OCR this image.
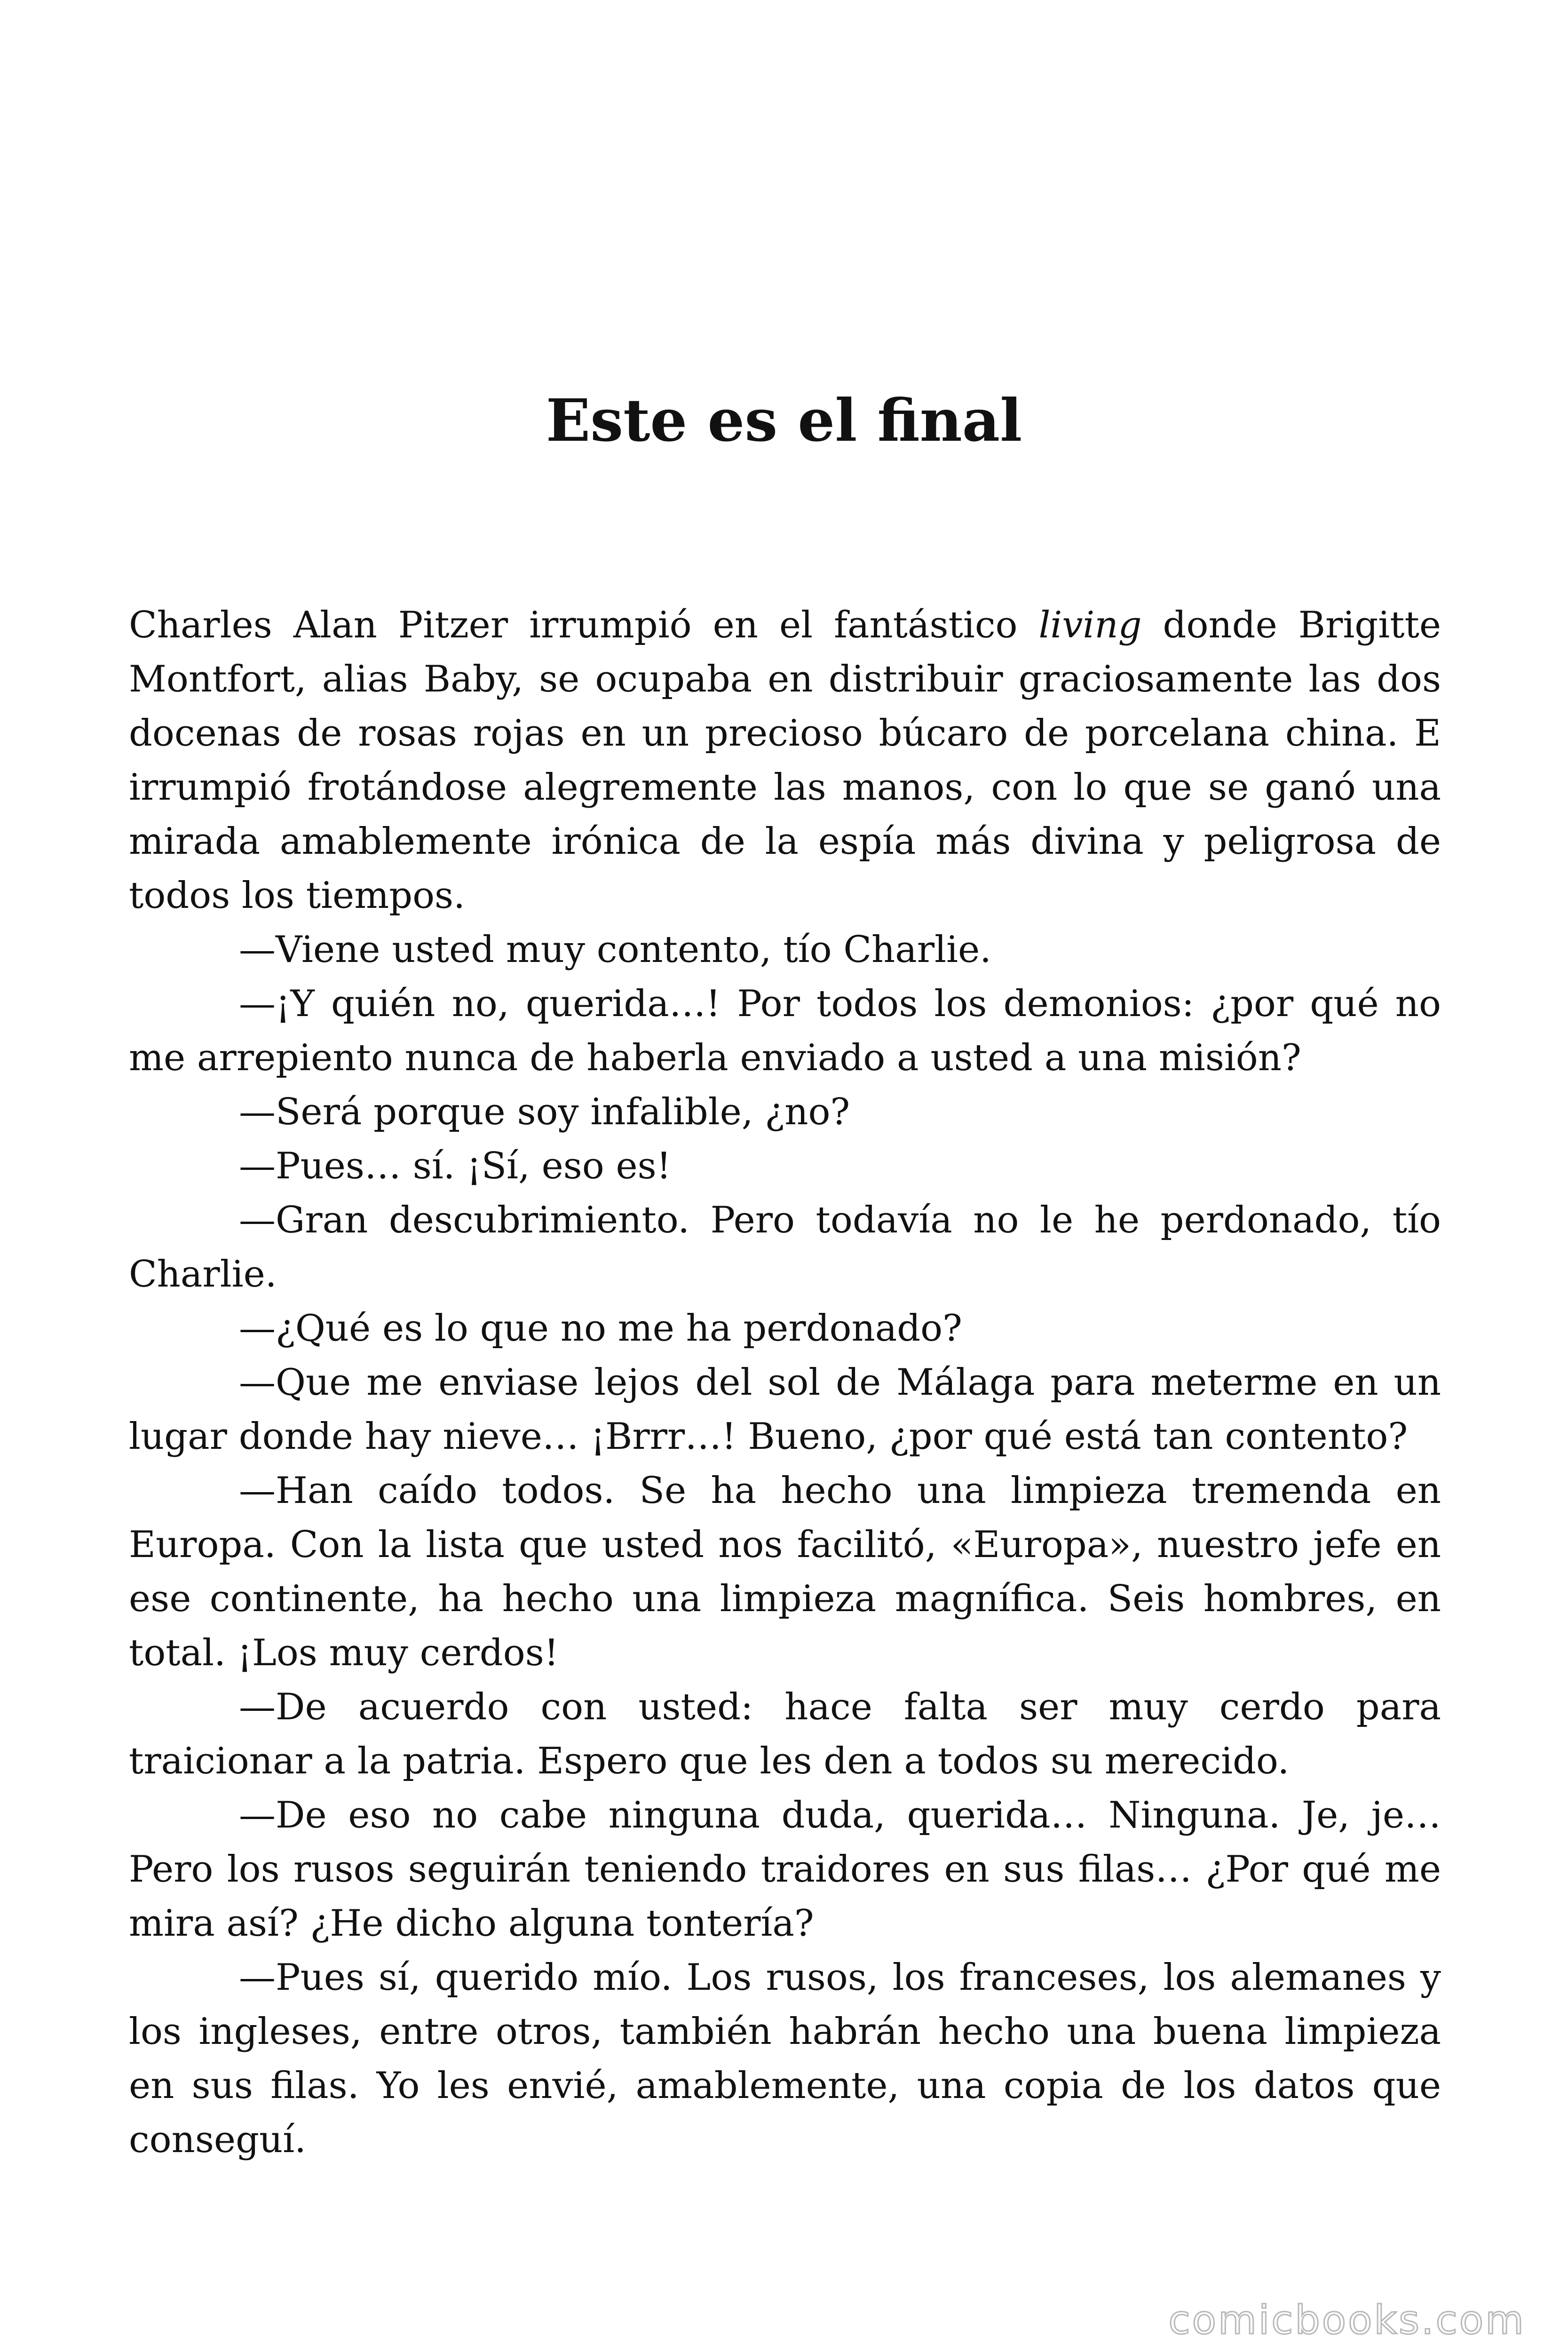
Este es el final

Charles Alan Pitzer irrumpió en el fantástico living donde Brigitte Montfort, alias Baby, se ocupaba en distribuir graciosamente las dos docenas de rosas rojas en un precioso búcaro de porcelana china. E irrumpió frotándose alegremente las manos, con lo que se ganó una mirada amablemente irónica de la espía más divina y peligrosa de todos los tiempos.

—Viene usted muy contento, tío Charlie.

—¡Y quién no, querida…! Por todos los demonios: ¿por qué no me arrepiento nunca de haberla enviado a usted a una misión?

—Será porque soy infalible, ¿no?

—Pues… sí. ¡Sí, eso es!

—Gran descubrimiento. Pero todavía no le he perdonado, tío Charlie.

—¿Qué es lo que no me ha perdonado?

—Que me enviase lejos del sol de Málaga para meterme en un lugar donde hay nieve… ¡Brrr…! Bueno, ¿por qué está tan contento?

—Han caído todos. Se ha hecho una limpieza tremenda en Europa. Con la lista que usted nos facilitó, «Europa», nuestro jefe en ese continente, ha hecho una limpieza magnífica. Seis hombres, en total. ¡Los muy cerdos!

—De acuerdo con usted: hace falta ser muy cerdo para traicionar a la patria. Espero que les den a todos su merecido.

—De eso no cabe ninguna duda, querida… Ninguna. Je, je… Pero los rusos seguirán teniendo traidores en sus filas… ¿Por qué me mira así? ¿He dicho alguna tontería?

—Pues sí, querido mío. Los rusos, los franceses, los alemanes y los ingleses, entre otros, también habrán hecho una buena limpieza en sus filas. Yo les envié, amablemente, una copia de los datos que conseguí.

comicbooks.com
